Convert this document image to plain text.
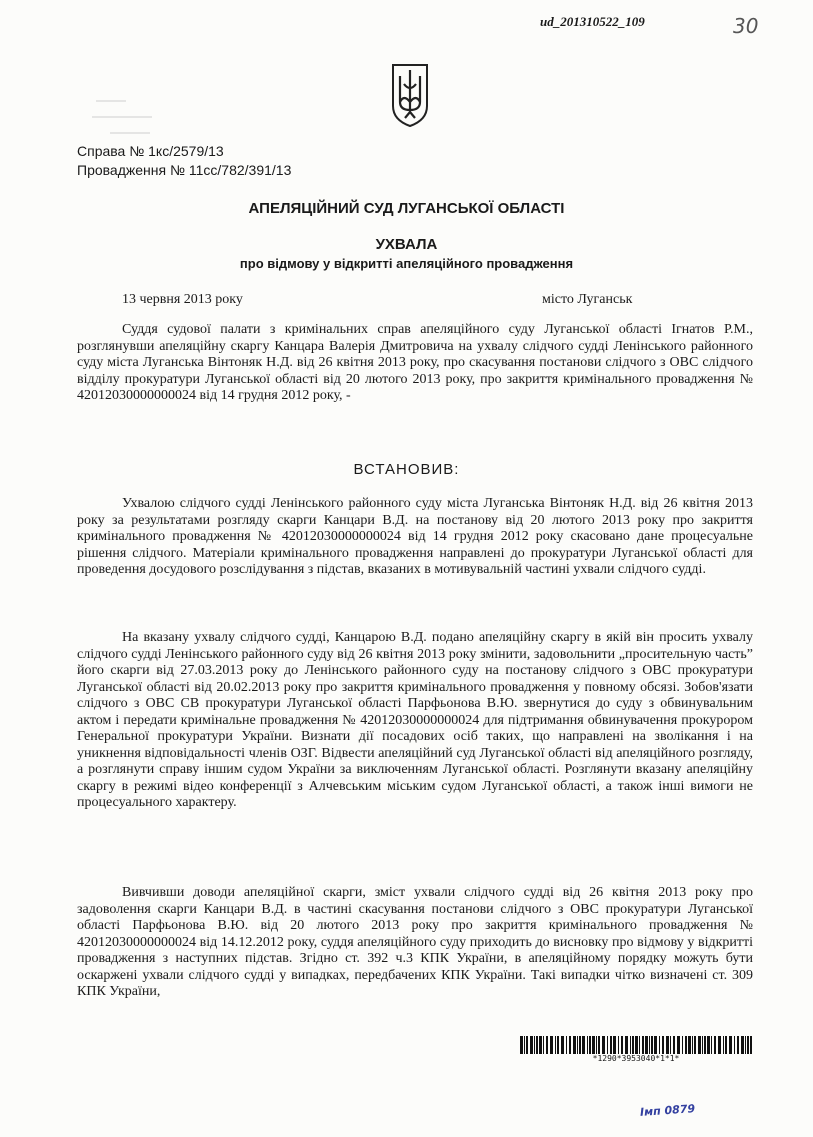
ud_201310522_109	30
Справа № 1кс/2579/13
Провадження № 11сс/782/391/13
АПЕЛЯЦІЙНИЙ СУД ЛУГАНСЬКОЇ ОБЛАСТІ
УХВАЛА
про відмову у відкритті апеляційного провадження
13 червня 2013 року	місто Луганськ

Суддя судової палати з кримінальних справ апеляційного суду Луганської області Ігнатов Р.М., розглянувши апеляційну скаргу Канцара Валерія Дмитровича на ухвалу слідчого судді Ленінського районного суду міста Луганська Вінтоняк Н.Д. від 26 квітня 2013 року, про скасування постанови слідчого з ОВС слідчого відділу прокуратури Луганської області від 20 лютого 2013 року, про закриття кримінального провадження № 42012030000000024 від 14 грудня 2012 року, -

ВСТАНОВИВ:

Ухвалою слідчого судді Ленінського районного суду міста Луганська Вінтоняк Н.Д. від 26 квітня 2013 року за результатами розгляду скарги Канцари В.Д. на постанову від 20 лютого 2013 року про закриття кримінального провадження № 42012030000000024 від 14 грудня 2012 року скасовано дане процесуальне рішення слідчого. Матеріали кримінального провадження направлені до прокуратури Луганської області для проведення досудового розслідування з підстав, вказаних в мотивувальній частині ухвали слідчого судді.

На вказану ухвалу слідчого судді, Канцарою В.Д. подано апеляційну скаргу в якій він просить ухвалу слідчого судді Ленінського районного суду від 26 квітня 2013 року змінити, задовольнити „просительную часть” його скарги від 27.03.2013 року до Ленінського районного суду на постанову слідчого з ОВС прокуратури Луганської області від 20.02.2013 року про закриття кримінального провадження у повному обсязі. Зобов'язати слідчого з ОВС СВ прокуратури Луганської області Парфьонова В.Ю. звернутися до суду з обвинувальним актом і передати кримінальне провадження № 42012030000000024 для підтримання обвинувачення прокурором Генеральної прокуратури України. Визнати дії посадових осіб таких, що направлені на зволікання і на уникнення відповідальності членів ОЗГ. Відвести апеляційний суд Луганської області від апеляційного розгляду, а розглянути справу іншим судом України за виключенням Луганської області. Розглянути вказану апеляційну скаргу в режимі відео конференції з Алчевським міським судом Луганської області, а також інші вимоги не процесуального характеру.

Вивчивши доводи апеляційної скарги, зміст ухвали слідчого судді від 26 квітня 2013 року про задоволення скарги Канцари В.Д. в частині скасування постанови слідчого з ОВС прокуратури Луганської області Парфьонова В.Ю. від 20 лютого 2013 року про закриття кримінального провадження № 42012030000000024 від 14.12.2012 року, суддя апеляційного суду приходить до висновку про відмову у відкритті провадження з наступних підстав. Згідно ст. 392 ч.3 КПК України, в апеляційному порядку можуть бути оскаржені ухвали слідчого судді у випадках, передбачених КПК України. Такі випадки чітко визначені ст. 309 КПК України,

*1290*3953040*1*1*
Імп 0879
